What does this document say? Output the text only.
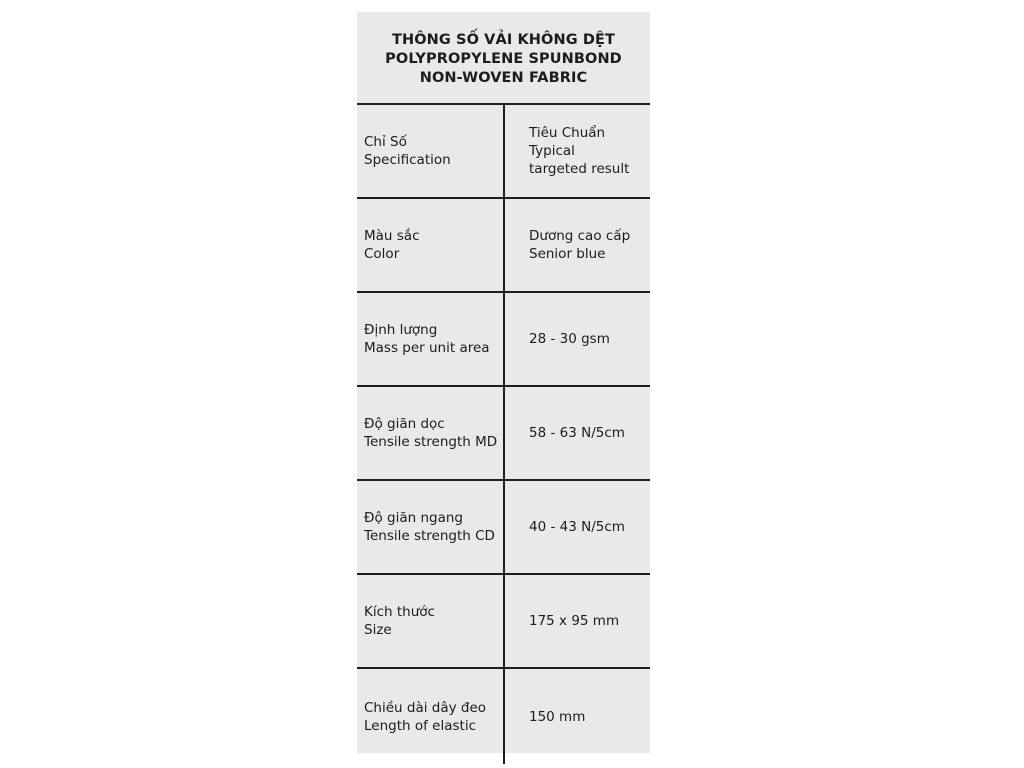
THÔNG SỐ VẢI KHÔNG DỆT
POLYPROPYLENE SPUNBOND
NON-WOVEN FABRIC
Chỉ Số
Specification
Tiêu Chuẩn
Typical
targeted result
Màu sắc
Color
Dương cao cấp
Senior blue
Định lượng
Mass per unit area
28 - 30 gsm
Độ giãn dọc
Tensile strength MD
58 - 63 N/5cm
Độ giãn ngang
Tensile strength CD
40 - 43 N/5cm
Kích thước
Size
175 x 95 mm
Chiều dài dây đeo
Length of elastic
150 mm
